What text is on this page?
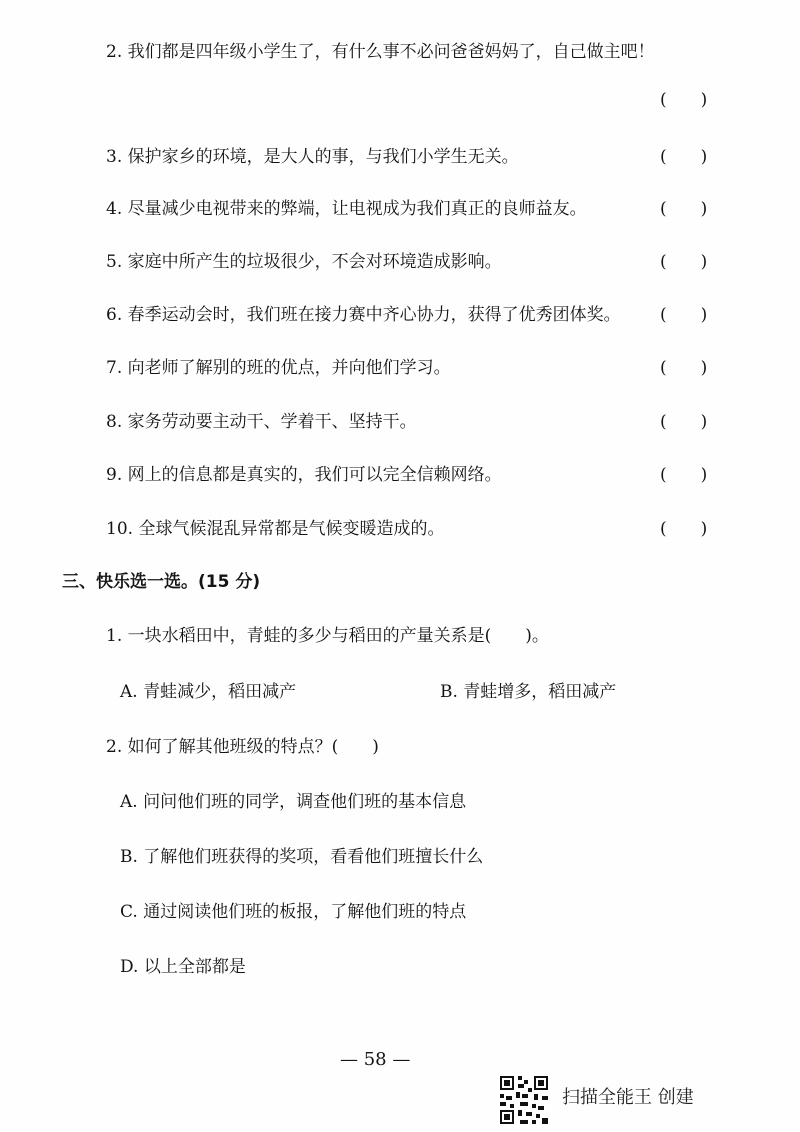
2. 我们都是四年级小学生了，有什么事不必问爸爸妈妈了，自己做主吧！
(　　)
3. 保护家乡的环境，是大人的事，与我们小学生无关。	(　　)
4. 尽量减少电视带来的弊端，让电视成为我们真正的良师益友。	(　　)
5. 家庭中所产生的垃圾很少，不会对环境造成影响。	(　　)
6. 春季运动会时，我们班在接力赛中齐心协力，获得了优秀团体奖。 (　　)
7. 向老师了解别的班的优点，并向他们学习。	(　　)
8. 家务劳动要主动干、学着干、坚持干。	(　　)
9. 网上的信息都是真实的，我们可以完全信赖网络。	(　　)
10. 全球气候混乱异常都是气候变暖造成的。	(　　)
三、快乐选一选。(15 分)
1. 一块水稻田中，青蛙的多少与稻田的产量关系是(　　)。
A. 青蛙减少，稻田减产	B. 青蛙增多，稻田减产
2. 如何了解其他班级的特点？(　　)
A. 问问他们班的同学，调查他们班的基本信息
B. 了解他们班获得的奖项，看看他们班擅长什么
C. 通过阅读他们班的板报，了解他们班的特点
D. 以上全部都是
— 58 —
扫描全能王 创建
